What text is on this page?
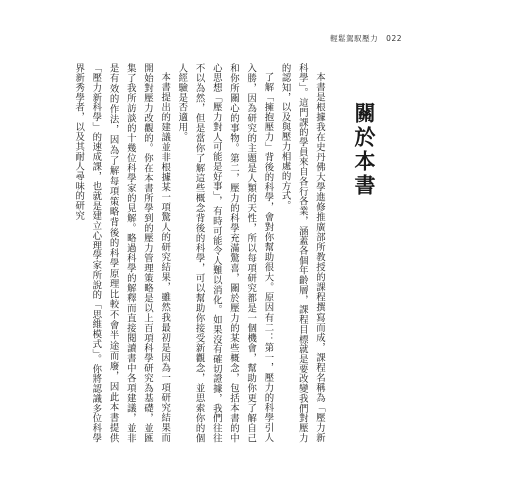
輕鬆駕馭壓力 022
關於本書

本書是根據我在史丹佛大學進修推廣部所教授的課程撰寫而成，課程名稱為「壓力新科學」。這門課的學員來自各行各業，涵蓋各個年齡層，課程目標就是要改變我們對壓力的認知，以及與壓力相處的方式。

了解「擁抱壓力」背後的科學，會對你幫助很大。原因有二：第一，壓力的科學引人入勝，因為研究的主題是人類的天性，所以每項研究都是一個機會，幫助你更了解自己和你所關心的事物。第二，壓力的科學充滿驚喜，關於壓力的某些概念，包括本書的中心思想「壓力對人可能是好事」，有時可能令人難以消化。如果沒有確切證據，我們往往不以為然，但是當你了解這些概念背後的科學，可以幫助你接受新觀念，並思索你的個人經驗是否適用。

本書提出的建議並非根據某一項驚人的研究結果，雖然我最初是因為一項研究結果而開始對壓力改觀的。你在本書所學到的壓力管理策略是以上百項科學研究為基礎，並匯集了我所訪談的十幾位科學家的見解。略過科學的解釋而直接閱讀書中各項建議，並非是有效的作法，因為了解每項策略背後的科學原理比較不會半途而廢，因此本書提供「壓力新科學」的速成課，也就是建立心理學家所說的「思維模式」。你將認識多位科學界新秀學者，以及其耐人尋味的研究
